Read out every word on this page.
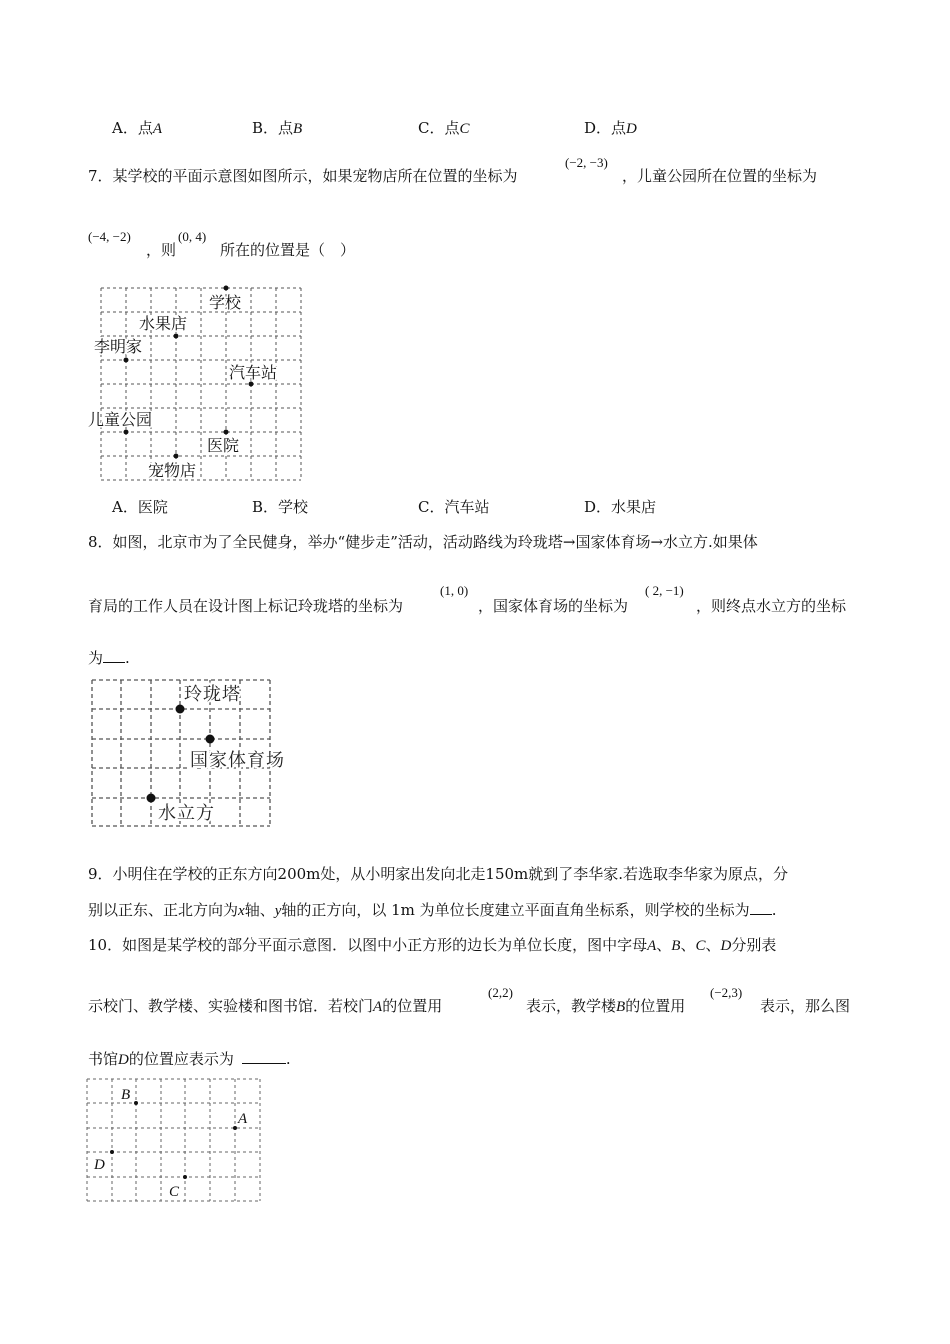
A．点A	B．点B	C．点C	D．点D
7．某学校的平面示意图如图所示，如果宠物店所在位置的坐标为
(−2, −3)
，儿童公园所在位置的坐标为
(−4, −2)
，则
(0, 4)
所在的位置是（　）
学校
水果店
李明家
汽车站
儿童公园
医院
宠物店
A．医院	B．学校	C．汽车站	D．水果店
8．如图，北京市为了全民健身，举办“健步走”活动，活动路线为玲珑塔→国家体育场→水立方.如果体
育局的工作人员在设计图上标记玲珑塔的坐标为
(1, 0)
，国家体育场的坐标为
( 2, −1)
，则终点水立方的坐标
为 .
玲珑塔
国家体育场
水立方
9．小明住在学校的正东方向200m处，从小明家出发向北走150m就到了李华家.若选取李华家为原点，分
别以正东、正北方向为x轴、y轴的正方向，以 1m 为单位长度建立平面直角坐标系，则学校的坐标为 .
10．如图是某学校的部分平面示意图．以图中小正方形的边长为单位长度，图中字母A、B、C、D分别表
示校门、教学楼、实验楼和图书馆．若校门A的位置用
(2,2)
表示，教学楼B的位置用
(−2,3)
表示，那么图
书馆D的位置应表示为	.
B
A
D
C
